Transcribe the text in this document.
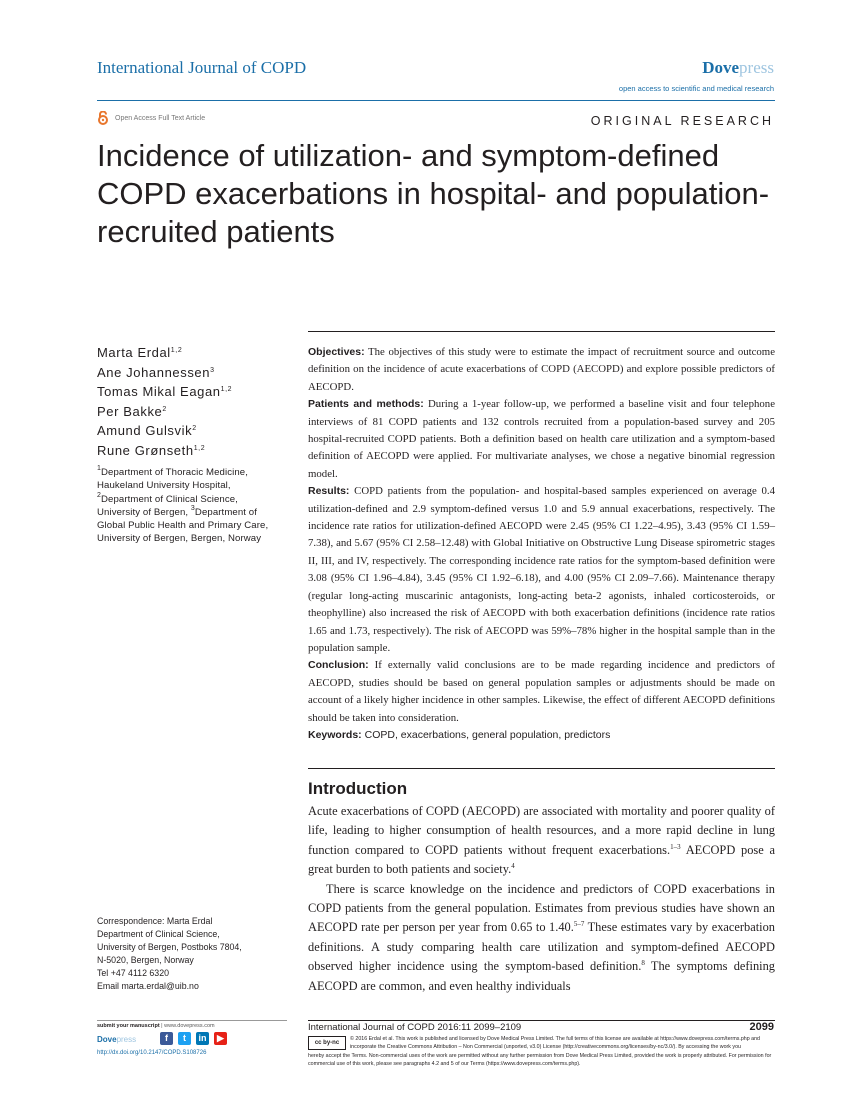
International Journal of COPD	Dovepress
open access to scientific and medical research
Open Access Full Text Article	ORIGINAL RESEARCH
Incidence of utilization- and symptom-defined COPD exacerbations in hospital- and population-recruited patients
Marta Erdal$^{1,2}$
Ane Johannessen$^3$
Tomas Mikal Eagan$^{1,2}$
Per Bakke$^2$
Amund Gulsvik$^2$
Rune Grønseth$^{1,2}$
$^1$Department of Thoracic Medicine, Haukeland University Hospital, $^2$Department of Clinical Science, University of Bergen, $^3$Department of Global Public Health and Primary Care, University of Bergen, Bergen, Norway
Correspondence: Marta Erdal
Department of Clinical Science,
University of Bergen, Postboks 7804,
N-5020, Bergen, Norway
Tel +47 4112 6320
Email marta.erdal@uib.no

Objectives: The objectives of this study were to estimate the impact of recruitment source and outcome definition on the incidence of acute exacerbations of COPD (AECOPD) and explore possible predictors of AECOPD.

Patients and methods: During a 1-year follow-up, we performed a baseline visit and four telephone interviews of 81 COPD patients and 132 controls recruited from a population-based survey and 205 hospital-recruited COPD patients. Both a definition based on health care utilization and a symptom-based definition of AECOPD were applied. For multivariate analyses, we chose a negative binomial regression model.

Results: COPD patients from the population- and hospital-based samples experienced on average 0.4 utilization-defined and 2.9 symptom-defined versus 1.0 and 5.9 annual exacerbations, respectively. The incidence rate ratios for utilization-defined AECOPD were 2.45 (95% CI 1.22–4.95), 3.43 (95% CI 1.59–7.38), and 5.67 (95% CI 2.58–12.48) with Global Initiative on Obstructive Lung Disease spirometric stages II, III, and IV, respectively. The corresponding incidence rate ratios for the symptom-based definition were 3.08 (95% CI 1.96–4.84), 3.45 (95% CI 1.92–6.18), and 4.00 (95% CI 2.09–7.66). Maintenance therapy (regular long-acting muscarinic antagonists, long-acting beta-2 agonists, inhaled corticosteroids, or theophylline) also increased the risk of AECOPD with both exacerbation definitions (incidence rate ratios 1.65 and 1.73, respectively). The risk of AECOPD was 59%–78% higher in the hospital sample than in the population sample.

Conclusion: If externally valid conclusions are to be made regarding incidence and predictors of AECOPD, studies should be based on general population samples or adjustments should be made on account of a likely higher incidence in other samples. Likewise, the effect of different AECOPD definitions should be taken into consideration.

Keywords: COPD, exacerbations, general population, predictors

Introduction

Acute exacerbations of COPD (AECOPD) are associated with mortality and poorer quality of life, leading to higher consumption of health resources, and a more rapid decline in lung function compared to COPD patients without frequent exacerbations.$^{1-3}$ AECOPD pose a great burden to both patients and society.$^4$

There is scarce knowledge on the incidence and predictors of COPD exacerbations in COPD patients from the general population. Estimates from previous studies have shown an AECOPD rate per person per year from 0.65 to 1.40.$^{5-7}$ These estimates vary by exacerbation definitions. A study comparing health care utilization and symptom-defined AECOPD observed higher incidence using the symptom-based definition.$^8$ The symptoms defining AECOPD are common, and even healthy individuals

submit your manuscript | www.dovepress.com
Dovepress	f	t	in	▶
http://dx.doi.org/10.2147/COPD.S108726
International Journal of COPD 2016:11 2099–2109	2099
cc by-nc
© 2016 Erdal et al. This work is published and licensed by Dove Medical Press Limited. The full terms of this license are available at https://www.dovepress.com/terms.php and incorporate the Creative Commons Attribution – Non Commercial (unported, v3.0) License (http://creativecommons.org/licenses/by-nc/3.0/). By accessing the work you
hereby accept the Terms. Non-commercial uses of the work are permitted without any further permission from Dove Medical Press Limited, provided the work is properly attributed. For permission for commercial use of this work, please see paragraphs 4.2 and 5 of our Terms (https://www.dovepress.com/terms.php).
